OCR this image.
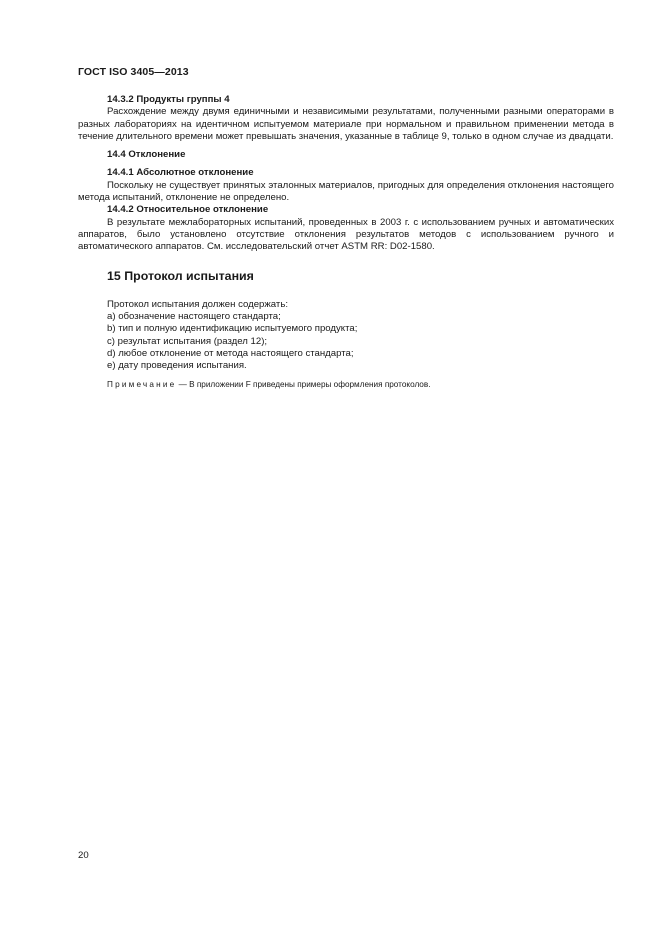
ГОСТ ISO 3405—2013

14.3.2 Продукты группы 4

Расхождение между двумя единичными и независимыми результатами, полученными разными операторами в разных лабораториях на идентичном испытуемом материале при нормальном и правильном применении метода в течение длительного времени может превышать значения, указанные в таблице 9, только в одном случае из двадцати.

14.4 Отклонение

14.4.1 Абсолютное отклонение

Поскольку не существует принятых эталонных материалов, пригодных для определения отклонения настоящего метода испытаний, отклонение не определено.

14.4.2 Относительное отклонение

В результате межлабораторных испытаний, проведенных в 2003 г. с использованием ручных и автоматических аппаратов, было установлено отсутствие отклонения результатов методов с использованием ручного и автоматического аппаратов. См. исследовательский отчет ASTM RR: D02-1580.

15 Протокол испытания

Протокол испытания должен содержать:

a) обозначение настоящего стандарта;

b) тип и полную идентификацию испытуемого продукта;

c) результат испытания (раздел 12);

d) любое отклонение от метода настоящего стандарта;

e) дату проведения испытания.

Примечание — В приложении F приведены примеры оформления протоколов.
20
